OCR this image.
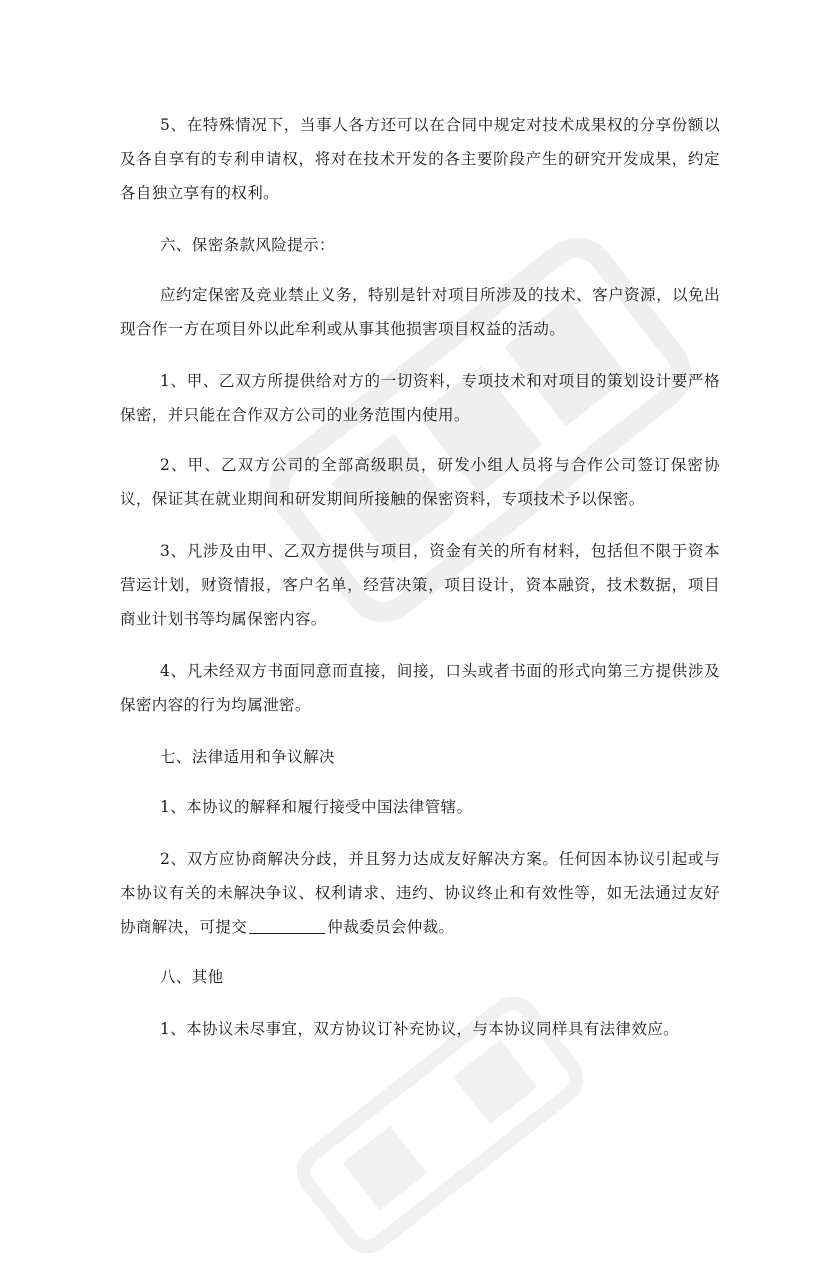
5、在特殊情况下，当事人各方还可以在合同中规定对技术成果权的分享份额以及各自享有的专利申请权，将对在技术开发的各主要阶段产生的研究开发成果，约定各自独立享有的权利。

六、保密条款风险提示：

应约定保密及竞业禁止义务，特别是针对项目所涉及的技术、客户资源，以免出现合作一方在项目外以此牟利或从事其他损害项目权益的活动。

1、甲、乙双方所提供给对方的一切资料，专项技术和对项目的策划设计要严格保密，并只能在合作双方公司的业务范围内使用。

2、甲、乙双方公司的全部高级职员，研发小组人员将与合作公司签订保密协议，保证其在就业期间和研发期间所接触的保密资料，专项技术予以保密。

3、凡涉及由甲、乙双方提供与项目，资金有关的所有材料，包括但不限于资本营运计划，财资情报，客户名单，经营决策，项目设计，资本融资，技术数据，项目商业计划书等均属保密内容。

4、凡未经双方书面同意而直接，间接，口头或者书面的形式向第三方提供涉及保密内容的行为均属泄密。

七、法律适用和争议解决

1、本协议的解释和履行接受中国法律管辖。

2、双方应协商解决分歧，并且努力达成友好解决方案。任何因本协议引起或与本协议有关的未解决争议、权利请求、违约、协议终止和有效性等，如无法通过友好协商解决，可提交	仲裁委员会仲裁。

八、其他

1、本协议未尽事宜，双方协议订补充协议，与本协议同样具有法律效应。
